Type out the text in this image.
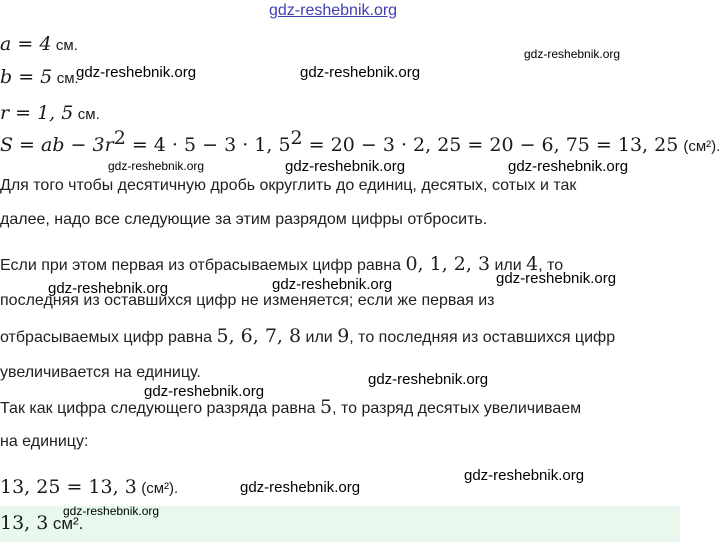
gdz-reshebnik.org
a = 4 см.
b = 5 см.
r = 1, 5 см.
S = ab − $3r^2 = 4 \cdot 5 - 3 \cdot 1$, $5^2 = 20 - 3 \cdot 2$, 25 = 20 − 6, 75 = 13, 25 (см²).
Для того чтобы десятичную дробь округлить до единиц, десятых, сотых и так
далее, надо все следующие за этим разрядом цифры отбросить.
Если при этом первая из отбрасываемых цифр равна 0, 1, 2, 3 или 4, то
последняя из оставшихся цифр не изменяется; если же первая из
отбрасываемых цифр равна 5, 6, 7, 8 или 9, то последняя из оставшихся цифр
увеличивается на единицу.
Так как цифра следующего разряда равна 5, то разряд десятых увеличиваем
на единицу:
13, 25 = 13, 3 (см²).
13, 3 см².
gdz-reshebnik.org
gdz-reshebnik.org	gdz-reshebnik.org
gdz-reshebnik.org	gdz-reshebnik.org	gdz-reshebnik.org
gdz-reshebnik.org	gdz-reshebnik.org	gdz-reshebnik.org
gdz-reshebnik.org
gdz-reshebnik.org
gdz-reshebnik.org
gdz-reshebnik.org
gdz-reshebnik.org
